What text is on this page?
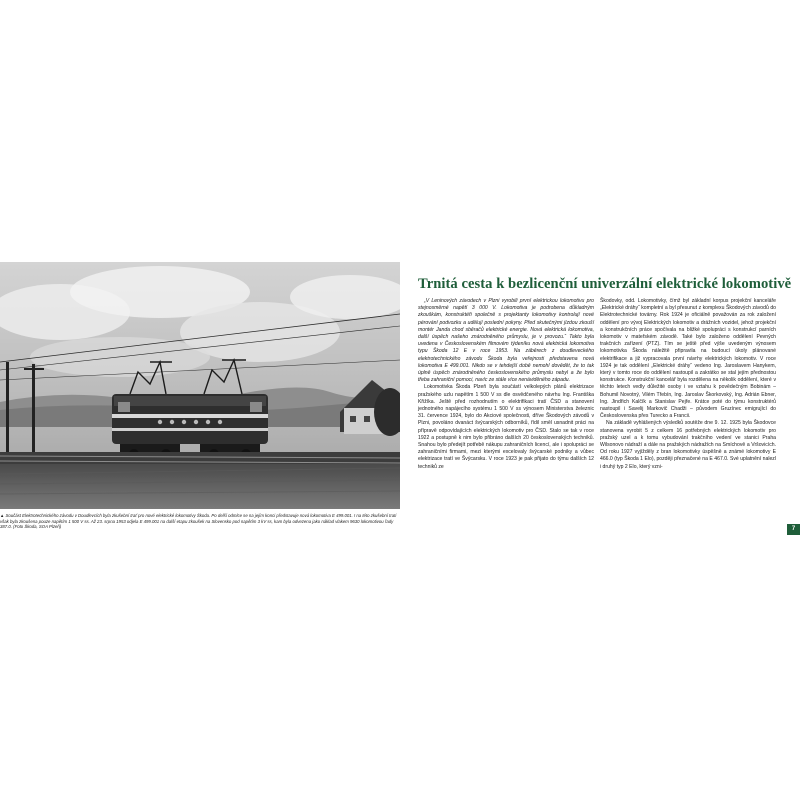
▲ Součást Elektrotechnického závodu v Doudlevcích byla zkušební trať pro nové elektrické lokomotivy Škoda. Po delší odmlce se na jejím konci představuje nová lokomotiva E 499.001. I na této zkušební trati však byla zkoušena pouze napětím 1 500 V ss. Až 23. srpna 1953 odjela E 499.001 na další etapu zkoušek na Slovensko pod napětím 3 kV ss, kam byla odvezena jako náklad vlakem 9630 lokomotivou řady 387.0. (Foto Škoda, SOA Plzeň)

Trnitá cesta k bezlicenční univerzální elektrické lokomotivě

„V Leninových závodech v Plzni vyrobili první elektrickou lokomotivu pro stejnosměrné napětí 3 000 V. Lokomotiva je podrobena důkladným zkouškám, konstruktéři společně s projektanty lokomotivy kontrolují nové pérování podvozku a udělují poslední pokyny. Před skutečnými jízdou zkouší montér Janda chod sběračů elektrické energie. Nová elektrická lokomotiva, další úspěch našeho znárodněného průmyslu, je v provozu.“ Takto byla uvedena v Československém filmovém týdeníku nová elektrická lokomotiva typu Škoda 12 E v roce 1953. Na záběrech z doudleveckého elektrotechnického závodu Škoda byla veřejnosti představena nová lokomotiva E 499.001. Nikdo se v tehdejší době nemohl dovědět, že to tak úplně úspěch znárodněného československého průmyslu nebyl a že bylo třeba zahraniční pomoci, navíc ze stále více nenáviděného západu.

Lokomotivka Škoda Plzeň byla součástí velkolepých plánů elektrizace pražského uzlu napětím 1 500 V ss dle osvědčeného návrhu Ing. Františka Křižíka. Ještě před rozhodnutím o elektrifikaci tratí ČSD a stanovení jednotného napájecího systému 1 500 V ss výnosem Ministerstva železnic 31. července 1924, bylo do Akciové společnosti, dříve Škodových závodů v Plzni, povoláno dvanáct švýcarských odborníků, řídil směl usnadnit práci na přípravě odpovídajících elektrických lokomotiv pro ČSD. Stalo se tak v roce 1922 a postupně k nim bylo přibráno dalších 20 československých techniků. Snahou bylo předejít potřebě nákupu zahraničních licencí, ale i spolupráci se zahraničními firmami, mezi kterými excelovaly švýcarské podniky a vůbec elektrizace tratí ve Švýcarsku. V roce 1923 je pak přijato do týmu dalších 12 techniků ze

Škodovky, odd. Lokomotivky, čímž byl základní korpus projekční kanceláře „Elektrické dráhy“ kompletní a byl přesunut z komplexu Škodových závodů do Elektrotechnické továrny. Rok 1924 je oficiálně považován za rok založení oddělení pro vývoj Elektrických lokomotiv a drážních vozidel, jehož projekční a konstrukčních práce spočívala na bližké spolupráci s konstrukcí parních lokomotiv v mateřském závodě. Také bylo založeno oddělení Pevných trakčních zařízení (PTZ). Tím se ještě před výše uvedeným výnosem lokomotivka Škoda náležitě připravila na budoucí úkoly plánované elektrifikace a již vypracovala první návrhy elektrických lokomotiv. V roce 1924 je tak oddělení „Elektrické dráhy“ vedeno Ing. Jaroslavem Hanykem, který v tomto roce do oddělení nastoupil a zakrátko se stal jejím přednostou konstrukce. Konstrukční kancelář byla rozdělena na několik oddělení, které v těchto letech vedly důležité osoby i ve vztahu k povědečným Bobinám – Bohumil Novotný, Vilém Třebín, Ing. Jaroslav Škorkovský, Ing. Adrián Ebner, Ing. Jindřich Kalčík a Stanislav Pejře. Krátce poté do týmu konstruktérů nastoupil i Savelij Markovič Chadži – původem Gruzínec emigrující do Československa přes Turecko a Francii.

Na základě vyhlášených výsledků soutěže dne 9. 12. 1925 byla Škodovce stanovena vyrobit 5 z celkem 16 potřebných elektrických lokomotiv pro pražský uzel a k tomu vybudování trakčního vedení ve stanici Praha Wilsonovo nádraží a dále na pražských nádražích na Smíchově a Vršovicích. Od roku 1927 vyjížděly z bran lokomotivky úspěšně a známé lokomotivy E 466.0 (typ Škoda 1 Elo), později přeznačené na E 467.0. Své uplatnění nalezl i druhý typ 2 Elo, který vzni-

7
